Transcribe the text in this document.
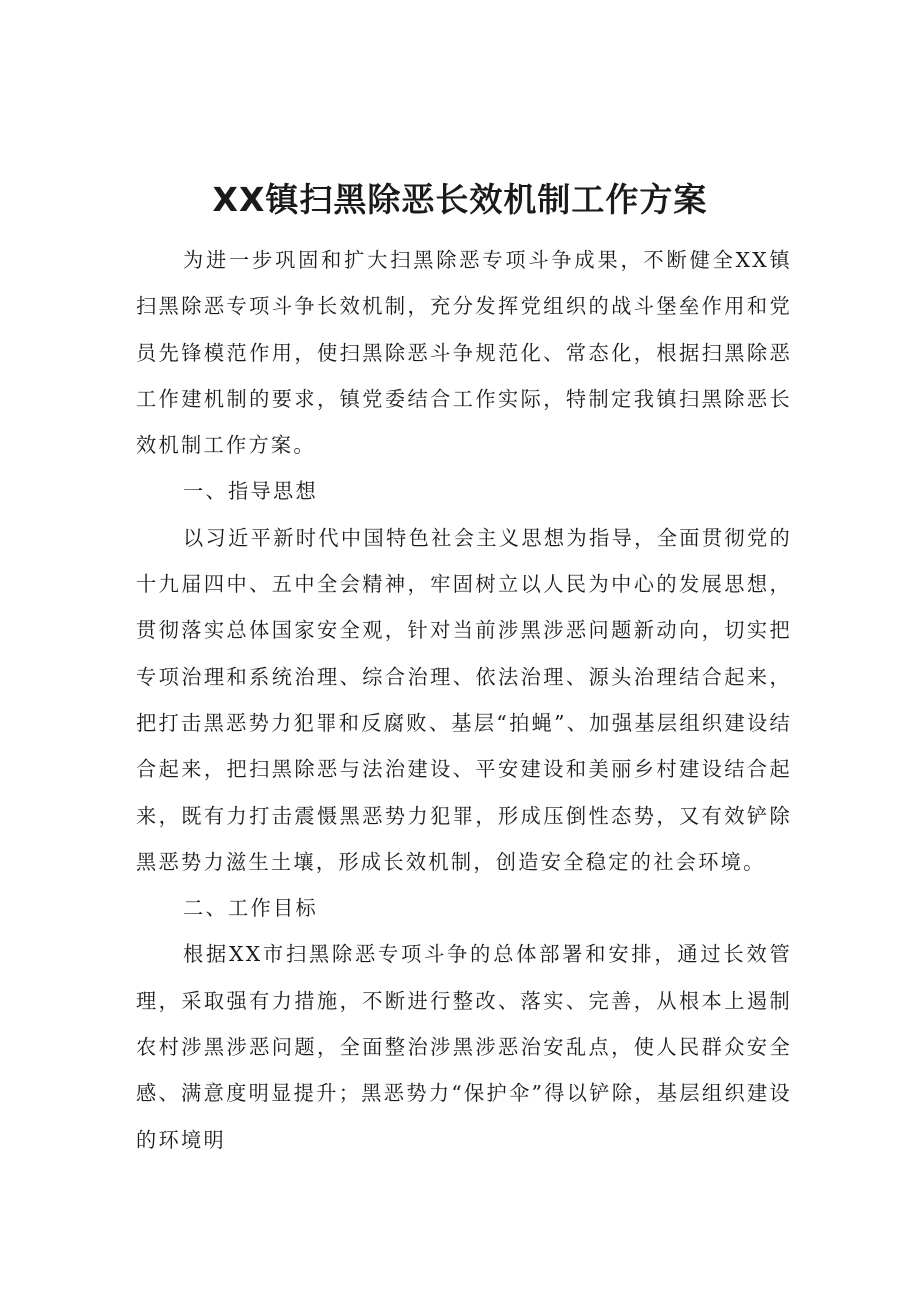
XX镇扫黑除恶长效机制工作方案

为进一步巩固和扩大扫黑除恶专项斗争成果，不断健全XX镇扫黑除恶专项斗争长效机制，充分发挥党组织的战斗堡垒作用和党员先锋模范作用，使扫黑除恶斗争规范化、常态化，根据扫黑除恶工作建机制的要求，镇党委结合工作实际，特制定我镇扫黑除恶长效机制工作方案。

一、指导思想

以习近平新时代中国特色社会主义思想为指导，全面贯彻党的十九届四中、五中全会精神，牢固树立以人民为中心的发展思想，贯彻落实总体国家安全观，针对当前涉黑涉恶问题新动向，切实把专项治理和系统治理、综合治理、依法治理、源头治理结合起来，把打击黑恶势力犯罪和反腐败、基层“拍蝇”、加强基层组织建设结合起来，把扫黑除恶与法治建设、平安建设和美丽乡村建设结合起来，既有力打击震慑黑恶势力犯罪，形成压倒性态势，又有效铲除黑恶势力滋生土壤，形成长效机制，创造安全稳定的社会环境。

二、工作目标

根据XX市扫黑除恶专项斗争的总体部署和安排，通过长效管理，采取强有力措施，不断进行整改、落实、完善，从根本上遏制农村涉黑涉恶问题，全面整治涉黑涉恶治安乱点，使人民群众安全感、满意度明显提升；黑恶势力“保护伞”得以铲除，基层组织建设的环境明
